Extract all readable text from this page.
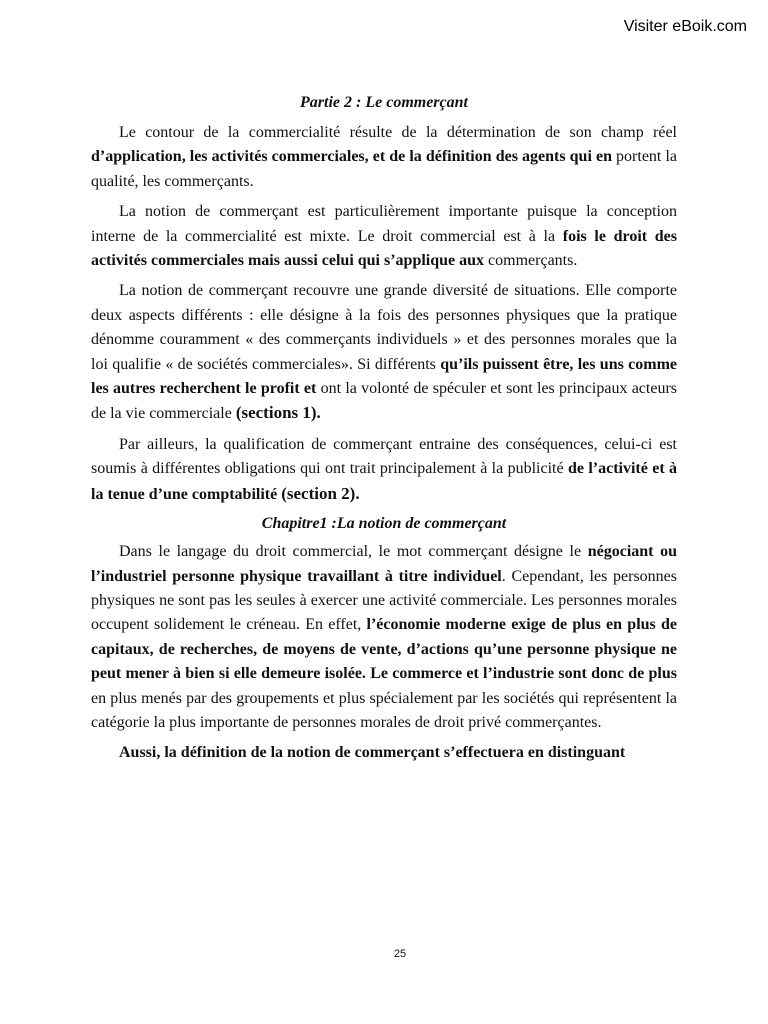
Visiter eBoik.com
Partie 2 : Le commerçant

Le contour de la commercialité résulte de la détermination de son champ réel d’application, les activités commerciales, et de la définition des agents qui en portent la qualité, les commerçants.

La notion de commerçant est particulièrement importante puisque la conception interne de la commercialité est mixte. Le droit commercial est à la fois le droit des activités commerciales mais aussi celui qui s’applique aux commerçants.

La notion de commerçant recouvre une grande diversité de situations. Elle comporte deux aspects différents : elle désigne à la fois des personnes physiques que la pratique dénomme couramment « des commerçants individuels » et des personnes morales que la loi qualifie « de sociétés commerciales». Si différents qu’ils puissent être, les uns comme les autres recherchent le profit et ont la volonté de spéculer et sont les principaux acteurs de la vie commerciale (sections 1).

Par ailleurs, la qualification de commerçant entraine des conséquences, celui-ci est soumis à différentes obligations qui ont trait principalement à la publicité de l’activité et à la tenue d’une comptabilité (section 2).

Chapitre1 :La notion de commerçant

Dans le langage du droit commercial, le mot commerçant désigne le négociant ou l’industriel personne physique travaillant à titre individuel. Cependant, les personnes physiques ne sont pas les seules à exercer une activité commerciale. Les personnes morales occupent solidement le créneau. En effet, l’économie moderne exige de plus en plus de capitaux, de recherches, de moyens de vente, d’actions qu’une personne physique ne peut mener à bien si elle demeure isolée. Le commerce et l’industrie sont donc de plus en plus menés par des groupements et plus spécialement par les sociétés qui représentent la catégorie la plus importante de personnes morales de droit privé commerçantes.

Aussi, la définition de la notion de commerçant s’effectuera en distinguant

25
